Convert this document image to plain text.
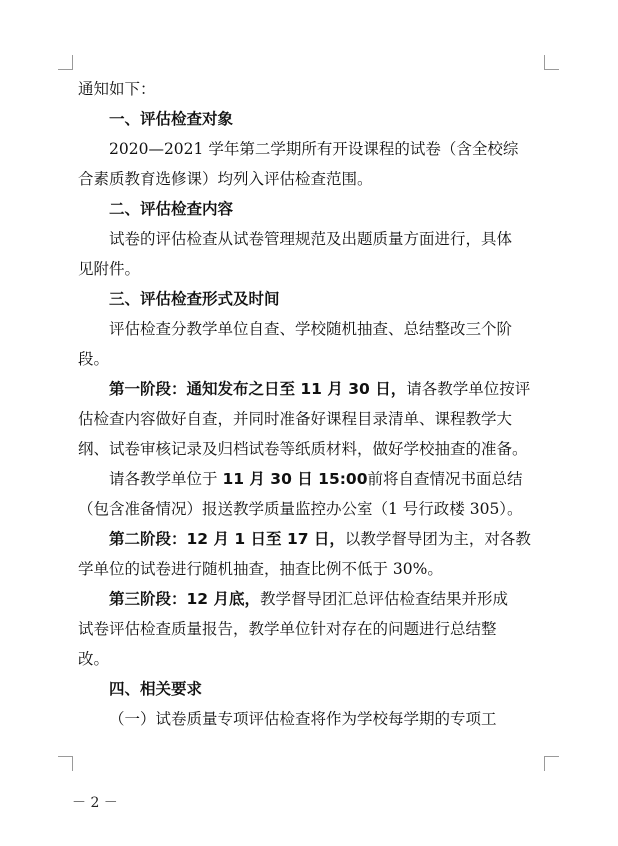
通知如下：

一、评估检查对象

2020—2021 学年第二学期所有开设课程的试卷（含全校综

合素质教育选修课）均列入评估检查范围。

二、评估检查内容

试卷的评估检查从试卷管理规范及出题质量方面进行，具体

见附件。

三、评估检查形式及时间

评估检查分教学单位自查、学校随机抽查、总结整改三个阶

段。

第一阶段：通知发布之日至 11 月 30 日，请各教学单位按评

估检查内容做好自查，并同时准备好课程目录清单、课程教学大

纲、试卷审核记录及归档试卷等纸质材料，做好学校抽查的准备。

请各教学单位于 11 月 30 日 15:00前将自查情况书面总结

（包含准备情况）报送教学质量监控办公室（1 号行政楼 305）。

第二阶段：12 月 1 日至 17 日，以教学督导团为主，对各教

学单位的试卷进行随机抽查，抽查比例不低于 30%。

第三阶段：12 月底，教学督导团汇总评估检查结果并形成

试卷评估检查质量报告，教学单位针对存在的问题进行总结整

改。

四、相关要求

（一）试卷质量专项评估检查将作为学校每学期的专项工

－ 2 －
